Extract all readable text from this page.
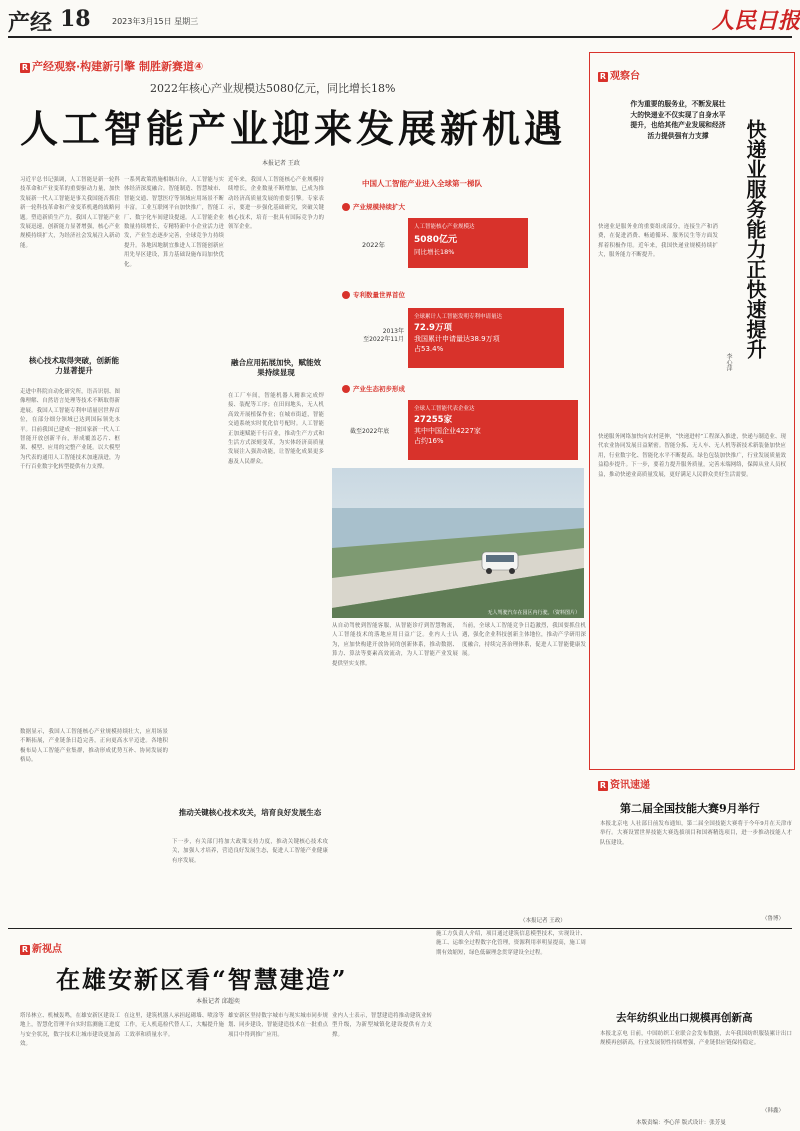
产经 18	2023年3月15日 星期三	人民日报
R 产经观察·构建新引擎 制胜新赛道④
2022年核心产业规模达5080亿元，同比增长18%
人工智能产业迎来发展新机遇
本报记者 王政
习近平总书记强调，人工智能是新一轮科技革命和产业变革的重要驱动力量，加快发展新一代人工智能是事关我国能否抓住新一轮科技革命和产业变革机遇的战略问题。塑造新质生产力，我国人工智能产业发展迅速，创新能力显著增强，核心产业规模持续扩大，为经济社会发展注入新动能。
核心技术取得突破，创新能力显著提升
走进中科院自动化研究所，语音识别、图像理解、自然语言处理等技术不断取得新进展。我国人工智能专利申请量居世界首位，在部分细分领域已达到国际领先水平。目前我国已建成一批国家新一代人工智能开放创新平台，形成覆盖芯片、框架、模型、应用的完整产业链。以大模型为代表的通用人工智能技术加速演进，为千行百业数字化转型提供有力支撑。
一系列政策措施相继出台，人工智能与实体经济深度融合。智能制造、智慧城市、智能交通、智慧医疗等领域应用场景不断丰富。工业互联网平台加快推广，智能工厂、数字化车间建设提速。人工智能企业数量持续增长，专精特新中小企业活力迸发，产业生态逐步完善，全球竞争力持续提升。各地因地制宜推进人工智能创新应用先导区建设，算力基础设施布局加快优化。
近年来，我国人工智能核心产业规模持续增长，企业数量不断增加，已成为推动经济高质量发展的重要引擎。专家表示，要进一步强化基础研究，突破关键核心技术，培育一批具有国际竞争力的领军企业。
融合应用拓展加快，赋能效果持续显现
在工厂车间，智能机器人精准完成焊接、装配等工序；在田间地头，无人机高效开展植保作业；在城市街道，智能交通系统实时优化信号配时。人工智能正加速赋能千行百业，推动生产方式和生活方式深刻变革，为实体经济高质量发展注入强劲动能，让智能化成果更多惠及人民群众。
推动关键核心技术攻关，培育良好发展生态
下一步，有关部门将加大政策支持力度，推动关键核心技术攻关，加强人才培养，营造良好发展生态，促进人工智能产业健康有序发展。
数据显示，我国人工智能核心产业规模持续壮大，应用场景不断拓展，产业链条日趋完善，正向更高水平迈进。各地积极布局人工智能产业集群，推动形成优势互补、协同发展的格局。
中国人工智能产业进入全球第一梯队
产业规模持续扩大
2022年
人工智能核心产业规模达
5080亿元
同比增长18%
专利数量世界首位
2013年
至2022年11月
全球累计人工智能发明专利申请量达
72.9万项
我国累计申请量达38.9万项
占53.4%
产业生态初步形成
截至2022年底
全球人工智能代表企业达
27255家
其中中国企业4227家
占约16%
无人驾驶汽车在园区内行驶。（资料图片）
从自动驾驶到智能客服，从智能诊疗到智慧物流，人工智能技术的落地应用日益广泛。业内人士认为，应加快构建开放协同的创新体系，推动数据、算力、算法等要素高效流动，为人工智能产业发展提供坚实支撑。
当前，全球人工智能竞争日趋激烈，我国要抓住机遇，强化企业科技创新主体地位，推动产学研用深度融合，持续完善治理体系，促进人工智能健康发展。
（本报记者 王政）
R 观察台
作为重要的服务业，不断发展壮大的快递业不仅实现了自身水平提升，也给其他产业发展和经济活力提供强有力支撑	快递业服务能力正快速提升
李心萍
快递业是服务业的重要组成部分，连接生产和消费，在促进消费、畅通循环、服务民生等方面发挥着积极作用。近年来，我国快递业规模持续扩大，服务能力不断提升。
快递服务网络加快向农村延伸，“快递进村”工程深入推进，快递与制造业、现代农业协同发展日益紧密。智能分拣、无人车、无人机等新技术新装备加快应用，行业数字化、智能化水平不断提高。绿色包装加快推广，行业发展质量效益稳步提升。下一步，要着力提升服务质量，完善末端网络，保障从业人员权益，推动快递业高质量发展，更好满足人民群众美好生活需要。
R 资讯速递
第二届全国技能大赛9月举行
本报北京电 人社部日前发布通知，第二届全国技能大赛将于今年9月在天津市举行。大赛设置世界技能大赛选拔项目和国赛精选项目，进一步推动技能人才队伍建设。
（鲁博）
R 新视点
在雄安新区看“智慧建造”
本报记者 邱超奕
塔吊林立、机械轰鸣，在雄安新区建设工地上，智慧化管理平台实时监测施工进度与安全状况，数字技术让城市建设更加高效。
在这里，建筑机器人承担起砌墙、喷涂等工作，无人机巡检代替人工，大幅提升施工效率和质量水平。
雄安新区坚持数字城市与现实城市同步规划、同步建设，智能建造技术在一批重点项目中得到推广应用。
业内人士表示，智慧建造将推动建筑业转型升级，为新型城镇化建设提供有力支撑。
施工方负责人介绍，项目通过建筑信息模型技术，实现设计、施工、运维全过程数字化管理，资源利用率明显提高，施工周期有效缩短，绿色低碳理念贯穿建设全过程。
去年纺织业出口规模再创新高
本报北京电 日前，中国纺织工业联合会发布数据，去年我国纺织服装累计出口规模再创新高，行业发展韧性持续增强，产业链供应链保持稳定。
（韩鑫）
本版责编：李心萍 版式设计：张芳曼
